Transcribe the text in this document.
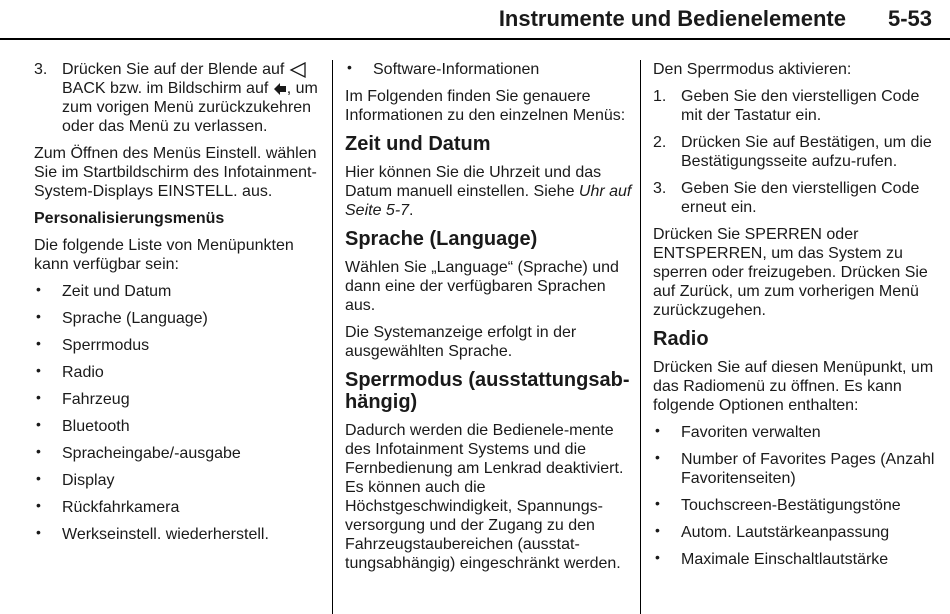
Instrumente und Bedienelemente 5-53
3. Drücken Sie auf der Blende auf  BACK bzw. im Bildschirm auf , um zum vorigen Menü zurückzukehren oder das Menü zu verlassen.

Zum Öffnen des Menüs Einstell. wählen Sie im Startbildschirm des Infotainment-System-Displays EINSTELL. aus.

Personalisierungsmenüs

Die folgende Liste von Menüpunkten kann verfügbar sein:

• Zeit und Datum
• Sprache (Language)
• Sperrmodus
• Radio
• Fahrzeug
• Bluetooth
• Spracheingabe/-ausgabe
• Display
• Rückfahrkamera
• Werkseinstell. wiederherstell.
• Software-Informationen

Im Folgenden finden Sie genauere Informationen zu den einzelnen Menüs:

Zeit und Datum

Hier können Sie die Uhrzeit und das Datum manuell einstellen. Siehe Uhr auf Seite 5-7.

Sprache (Language)

Wählen Sie „Language“ (Sprache) und dann eine der verfügbaren Sprachen aus.

Die Systemanzeige erfolgt in der ausgewählten Sprache.

Sperrmodus (ausstattungsab-hängig)

Dadurch werden die Bedienele-mente des Infotainment Systems und die Fernbedienung am Lenkrad deaktiviert. Es können auch die Höchstgeschwindigkeit, Spannungs-versorgung und der Zugang zu den Fahrzeugstaubereichen (ausstat-tungsabhängig) eingeschränkt werden.

Den Sperrmodus aktivieren:

1. Geben Sie den vierstelligen Code mit der Tastatur ein.
2. Drücken Sie auf Bestätigen, um die Bestätigungsseite aufzu-rufen.
3. Geben Sie den vierstelligen Code erneut ein.

Drücken Sie SPERREN oder ENTSPERREN, um das System zu sperren oder freizugeben. Drücken Sie auf Zurück, um zum vorherigen Menü zurückzugehen.

Radio

Drücken Sie auf diesen Menüpunkt, um das Radiomenü zu öffnen. Es kann folgende Optionen enthalten:

• Favoriten verwalten
• Number of Favorites Pages (Anzahl Favoritenseiten)
• Touchscreen-Bestätigungstöne
• Autom. Lautstärkeanpassung
• Maximale Einschaltlautstärke
